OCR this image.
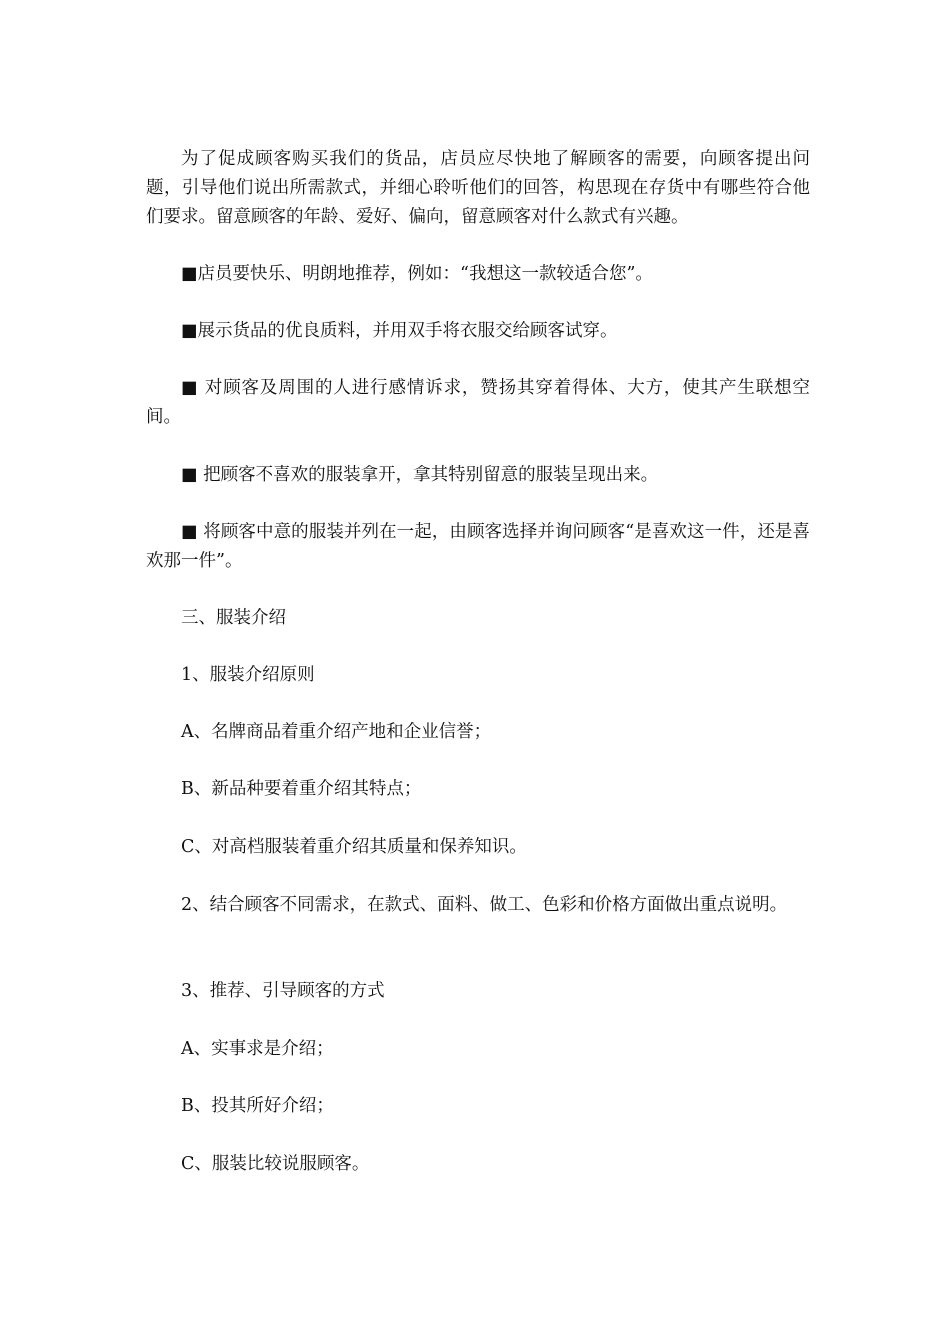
为了促成顾客购买我们的货品，店员应尽快地了解顾客的需要，向顾客提出问题，引导他们说出所需款式，并细心聆听他们的回答，构思现在存货中有哪些符合他们要求。留意顾客的年龄、爱好、偏向，留意顾客对什么款式有兴趣。

■店员要快乐、明朗地推荐，例如：“我想这一款较适合您”。

■展示货品的优良质料，并用双手将衣服交给顾客试穿。

■ 对顾客及周围的人进行感情诉求，赞扬其穿着得体、大方，使其产生联想空间。

■ 把顾客不喜欢的服装拿开，拿其特别留意的服装呈现出来。

■ 将顾客中意的服装并列在一起，由顾客选择并询问顾客“是喜欢这一件，还是喜欢那一件”。

三、服装介绍

1、服装介绍原则

A、名牌商品着重介绍产地和企业信誉；

B、新品种要着重介绍其特点；

C、对高档服装着重介绍其质量和保养知识。

2、结合顾客不同需求，在款式、面料、做工、色彩和价格方面做出重点说明。

3、推荐、引导顾客的方式

A、实事求是介绍；

B、投其所好介绍；

C、服装比较说服顾客。
